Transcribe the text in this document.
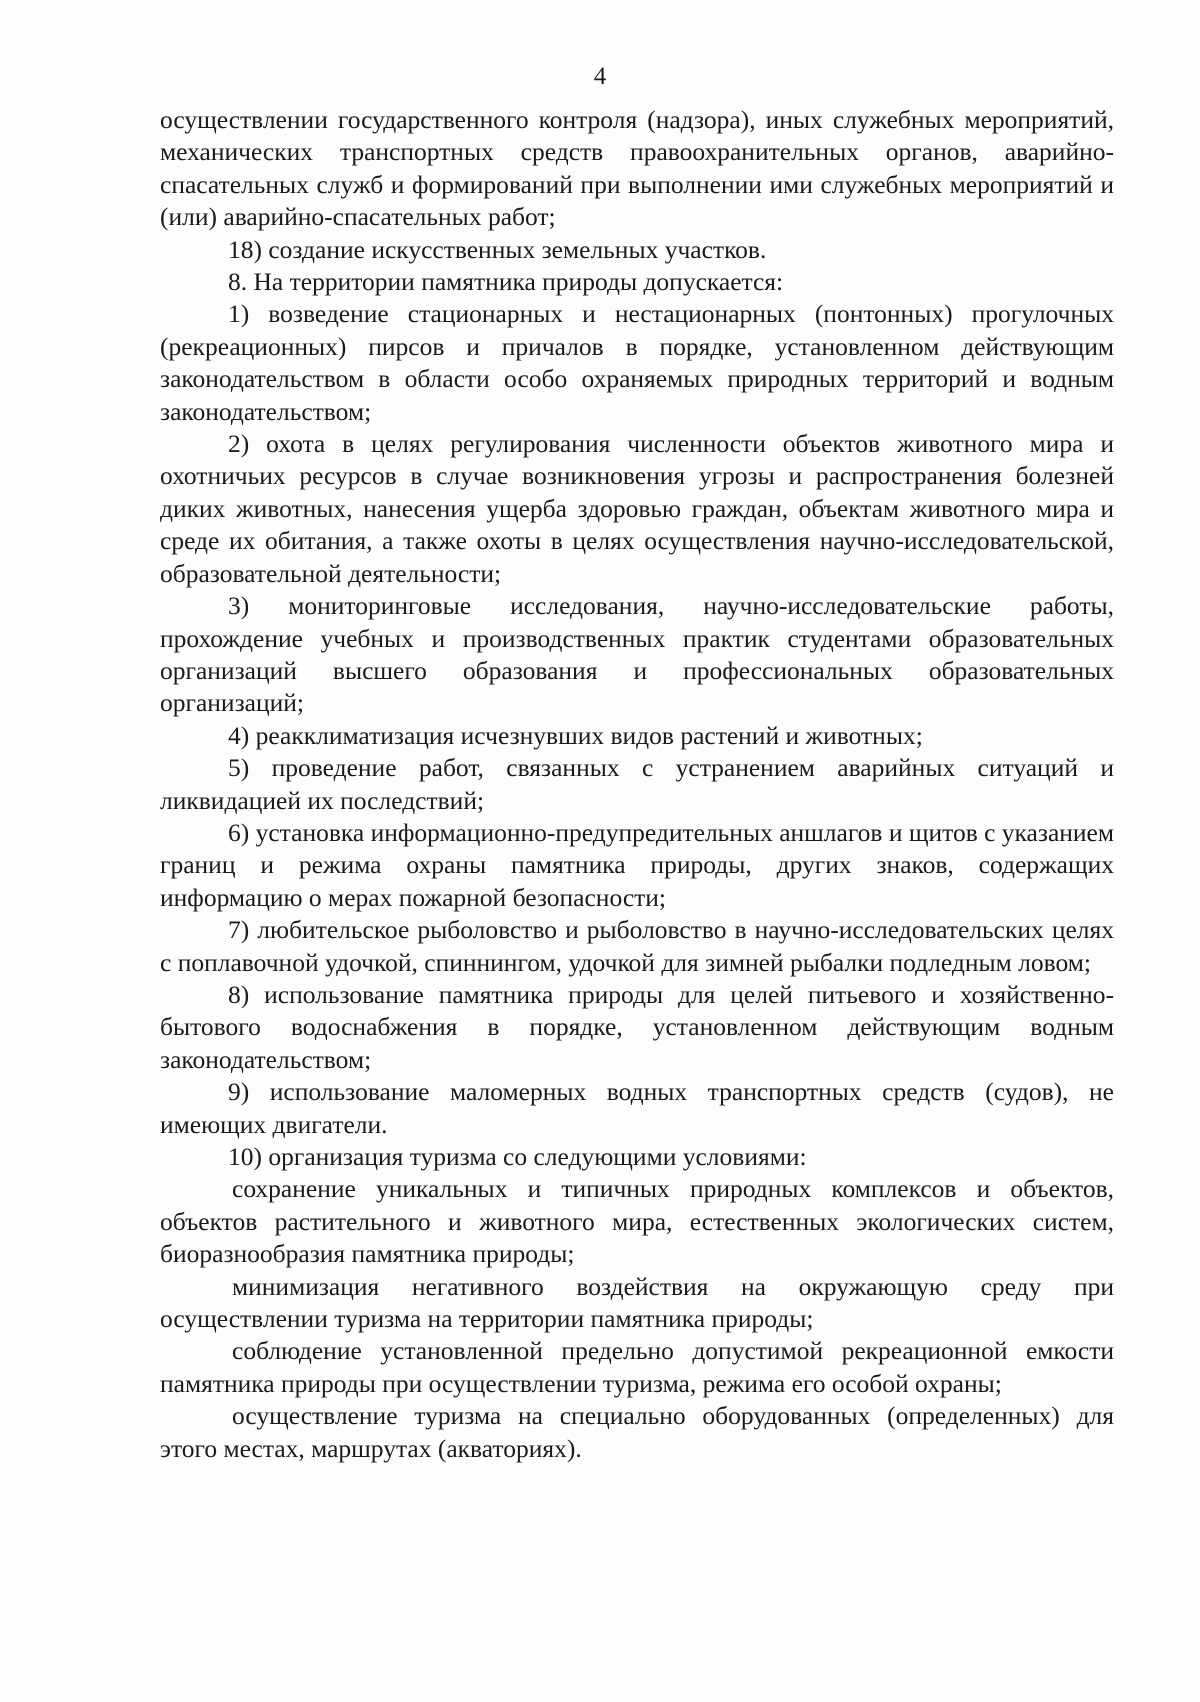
4

осуществлении государственного контроля (надзора), иных служебных мероприятий, механических транспортных средств правоохранительных органов, аварийно-спасательных служб и формирований при выполнении ими служебных мероприятий и (или) аварийно-спасательных работ;

18) создание искусственных земельных участков.

8. На территории памятника природы допускается:

1) возведение стационарных и нестационарных (понтонных) прогулочных (рекреационных) пирсов и причалов в порядке, установленном действующим законодательством в области особо охраняемых природных территорий и водным законодательством;

2) охота в целях регулирования численности объектов животного мира и охотничьих ресурсов в случае возникновения угрозы и распространения болезней диких животных, нанесения ущерба здоровью граждан, объектам животного мира и среде их обитания, а также охоты в целях осуществления научно-исследовательской, образовательной деятельности;

3) мониторинговые исследования, научно-исследовательские работы, прохождение учебных и производственных практик студентами образовательных организаций высшего образования и профессиональных образовательных организаций;

4) реакклиматизация исчезнувших видов растений и животных;

5) проведение работ, связанных с устранением аварийных ситуаций и ликвидацией их последствий;

6) установка информационно-предупредительных аншлагов и щитов с указанием границ и режима охраны памятника природы, других знаков, содержащих информацию о мерах пожарной безопасности;

7) любительское рыболовство и рыболовство в научно-исследовательских целях с поплавочной удочкой, спиннингом, удочкой для зимней рыбалки подледным ловом;

8) использование памятника природы для целей питьевого и хозяйственно-бытового водоснабжения в порядке, установленном действующим водным законодательством;

9) использование маломерных водных транспортных средств (судов), не имеющих двигатели.

10) организация туризма со следующими условиями:

сохранение уникальных и типичных природных комплексов и объектов, объектов растительного и животного мира, естественных экологических систем, биоразнообразия памятника природы;

минимизация негативного воздействия на окружающую среду при осуществлении туризма на территории памятника природы;

соблюдение установленной предельно допустимой рекреационной емкости памятника природы при осуществлении туризма, режима его особой охраны;

осуществление туризма на специально оборудованных (определенных) для этого местах, маршрутах (акваториях).
